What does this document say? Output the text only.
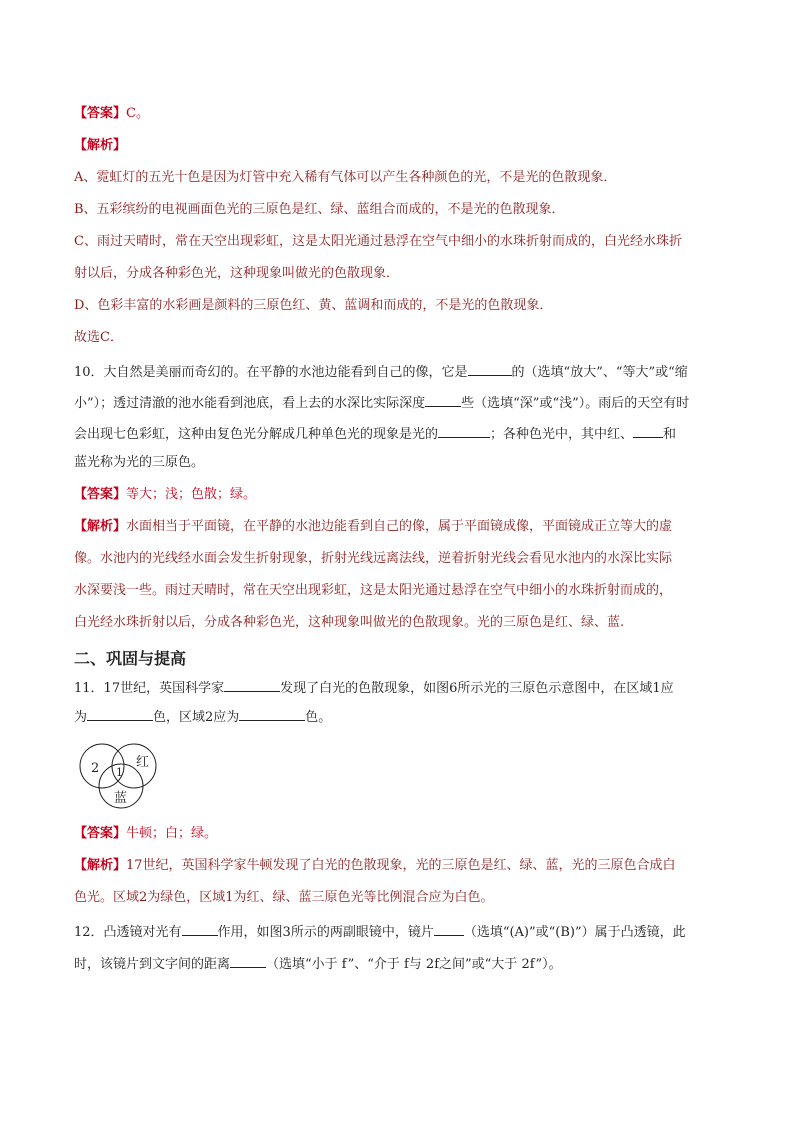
【答案】C。
【解析】
A、霓虹灯的五光十色是因为灯管中充入稀有气体可以产生各种颜色的光，不是光的色散现象．
B、五彩缤纷的电视画面色光的三原色是红、绿、蓝组合而成的，不是光的色散现象．
C、雨过天晴时，常在天空出现彩虹，这是太阳光通过悬浮在空气中细小的水珠折射而成的，白光经水珠折
射以后，分成各种彩色光，这种现象叫做光的色散现象．
D、色彩丰富的水彩画是颜料的三原色红、黄、蓝调和而成的，不是光的色散现象．
故选C．
10．大自然是美丽而奇幻的。在平静的水池边能看到自己的像，它是	的（选填“放大”、“等大”或“缩
小”）；透过清澈的池水能看到池底，看上去的水深比实际深度	些（选填“深”或“浅”）。雨后的天空有时
会出现七色彩虹，这种由复色光分解成几种单色光的现象是光的	；各种色光中，其中红、 和
蓝光称为光的三原色。
【答案】等大；浅；色散；绿。
【解析】水面相当于平面镜，在平静的水池边能看到自己的像，属于平面镜成像，平面镜成正立等大的虚
像。水池内的光线经水面会发生折射现象，折射光线远离法线，逆着折射光线会看见水池内的水深比实际
水深要浅一些。雨过天晴时，常在天空出现彩虹，这是太阳光通过悬浮在空气中细小的水珠折射而成的，
白光经水珠折射以后，分成各种彩色光，这种现象叫做光的色散现象。光的三原色是红、绿、蓝.
二、巩固与提高
11．17世纪，英国科学家	发现了白光的色散现象，如图6所示光的三原色示意图中，在区域1应
为	色，区域2应为	色。
2 1
红
蓝
【答案】牛顿；白；绿。
【解析】17世纪，英国科学家牛顿发现了白光的色散现象，光的三原色是红、绿、蓝，光的三原色合成白
色光。区域2为绿色，区域1为红、绿、蓝三原色光等比例混合应为白色。
12．凸透镜对光有	作用，如图3所示的两副眼镜中，镜片 （选填“(A)”或“(B)”）属于凸透镜，此
时，该镜片到文字间的距离	（选填“小于 f”、“介于 f与 2f之间”或“大于 2f”）。
